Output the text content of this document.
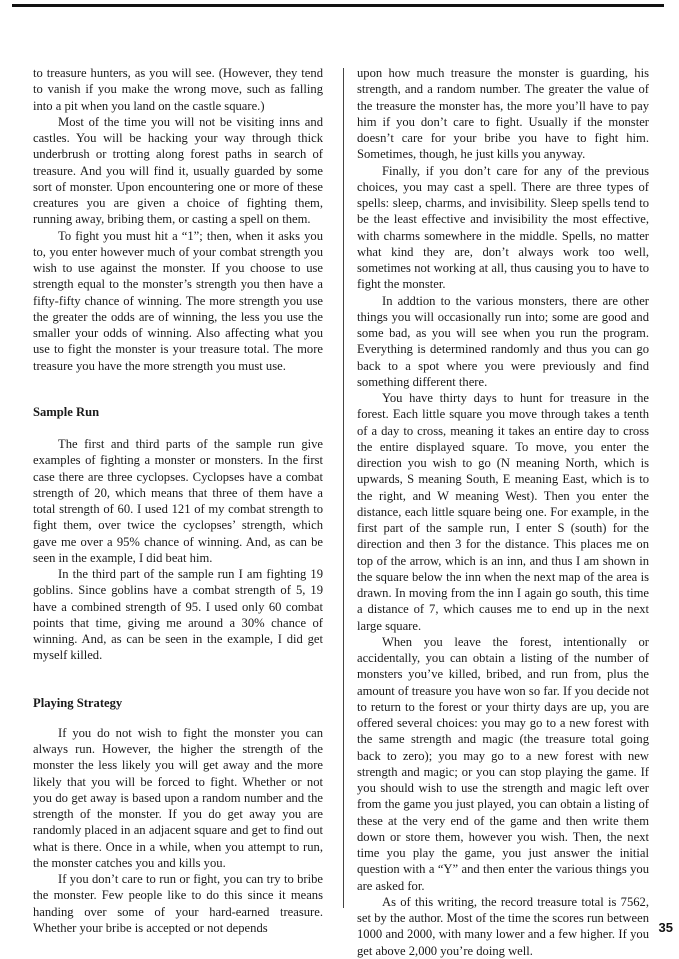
to treasure hunters, as you will see. (However, they tend to vanish if you make the wrong move, such as falling into a pit when you land on the castle square.)

Most of the time you will not be visiting inns and castles. You will be hacking your way through thick underbrush or trotting along forest paths in search of treasure. And you will find it, usually guarded by some sort of monster. Upon encountering one or more of these creatures you are given a choice of fighting them, running away, bribing them, or casting a spell on them.

To fight you must hit a “1”; then, when it asks you to, you enter however much of your combat strength you wish to use against the monster. If you choose to use strength equal to the monster’s strength you then have a fifty-fifty chance of winning. The more strength you use the greater the odds are of winning, the less you use the smaller your odds of winning. Also affecting what you use to fight the monster is your treasure total. The more treasure you have the more strength you must use.

Sample Run

The first and third parts of the sample run give examples of fighting a monster or monsters. In the first case there are three cyclopses. Cyclopses have a combat strength of 20, which means that three of them have a total strength of 60. I used 121 of my combat strength to fight them, over twice the cyclopses’ strength, which gave me over a 95% chance of winning. And, as can be seen in the example, I did beat him.

In the third part of the sample run I am fighting 19 goblins. Since goblins have a combat strength of 5, 19 have a combined strength of 95. I used only 60 combat points that time, giving me around a 30% chance of winning. And, as can be seen in the example, I did get myself killed.

Playing Strategy

If you do not wish to fight the monster you can always run. However, the higher the strength of the monster the less likely you will get away and the more likely that you will be forced to fight. Whether or not you do get away is based upon a random number and the strength of the monster. If you do get away you are randomly placed in an adjacent square and get to find out what is there. Once in a while, when you attempt to run, the monster catches you and kills you.

If you don’t care to run or fight, you can try to bribe the monster. Few people like to do this since it means handing over some of your hard-earned treasure. Whether your bribe is accepted or not depends

upon how much treasure the monster is guarding, his strength, and a random number. The greater the value of the treasure the monster has, the more you’ll have to pay him if you don’t care to fight. Usually if the monster doesn’t care for your bribe you have to fight him. Sometimes, though, he just kills you anyway.

Finally, if you don’t care for any of the previous choices, you may cast a spell. There are three types of spells: sleep, charms, and invisibility. Sleep spells tend to be the least effective and invisibility the most effective, with charms somewhere in the middle. Spells, no matter what kind they are, don’t always work too well, sometimes not working at all, thus causing you to have to fight the monster.

In addtion to the various monsters, there are other things you will occasionally run into; some are good and some bad, as you will see when you run the program. Everything is determined randomly and thus you can go back to a spot where you were previously and find something different there.

You have thirty days to hunt for treasure in the forest. Each little square you move through takes a tenth of a day to cross, meaning it takes an entire day to cross the entire displayed square. To move, you enter the direction you wish to go (N meaning North, which is upwards, S meaning South, E meaning East, which is to the right, and W meaning West). Then you enter the distance, each little square being one. For example, in the first part of the sample run, I enter S (south) for the direction and then 3 for the distance. This places me on top of the arrow, which is an inn, and thus I am shown in the square below the inn when the next map of the area is drawn. In moving from the inn I again go south, this time a distance of 7, which causes me to end up in the next large square.

When you leave the forest, intentionally or accidentally, you can obtain a listing of the number of monsters you’ve killed, bribed, and run from, plus the amount of treasure you have won so far. If you decide not to return to the forest or your thirty days are up, you are offered several choices: you may go to a new forest with the same strength and magic (the treasure total going back to zero); you may go to a new forest with new strength and magic; or you can stop playing the game. If you should wish to use the strength and magic left over from the game you just played, you can obtain a listing of these at the very end of the game and then write them down or store them, however you wish. Then, the next time you play the game, you just answer the initial question with a “Y” and then enter the various things you are asked for.

As of this writing, the record treasure total is 7562, set by the author. Most of the time the scores run between 1000 and 2000, with many lower and a few higher. If you get above 2,000 you’re doing well.

35
